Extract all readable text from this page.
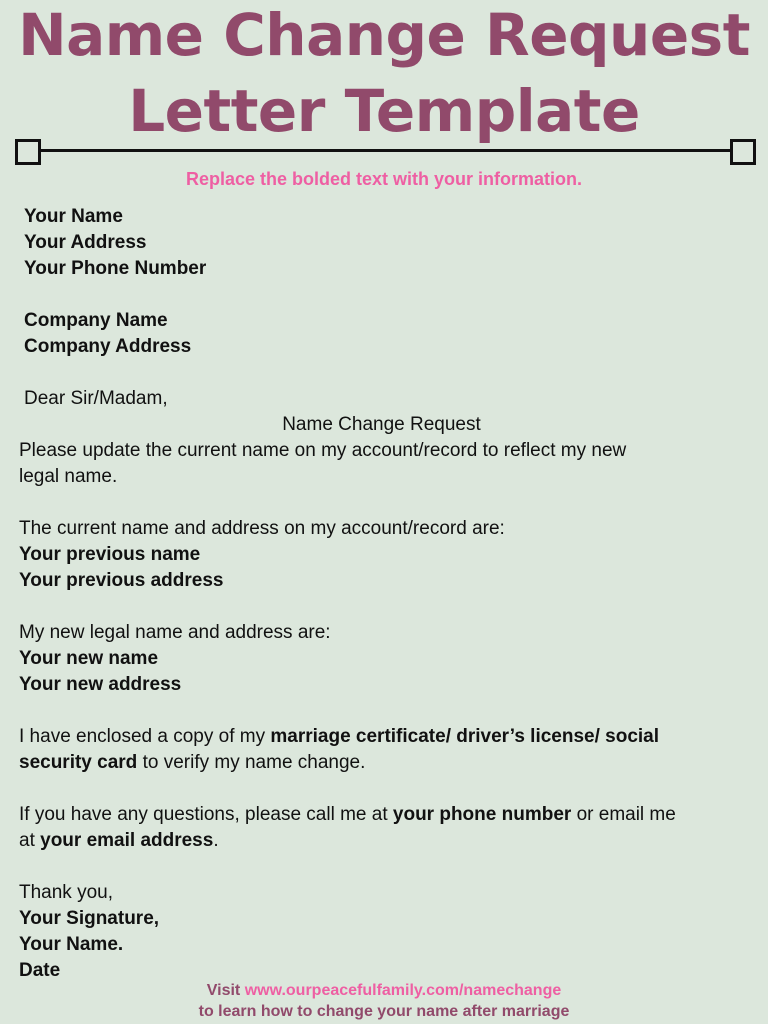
Name Change Request
Letter Template
Replace the bolded text with your information.
Your Name
Your Address
Your Phone Number
Company Name
Company Address
Dear Sir/Madam,
Name Change Request
Please update the current name on my account/record to reflect my new
legal name.
The current name and address on my account/record are:
Your previous name
Your previous address
My new legal name and address are:
Your new name
Your new address
I have enclosed a copy of my marriage certificate/ driver’s license/ social
security card to verify my name change.
If you have any questions, please call me at your phone number or email me
at your email address.
Thank you,
Your Signature,
Your Name.
Date
Visit www.ourpeacefulfamily.com/namechange
to learn how to change your name after marriage
